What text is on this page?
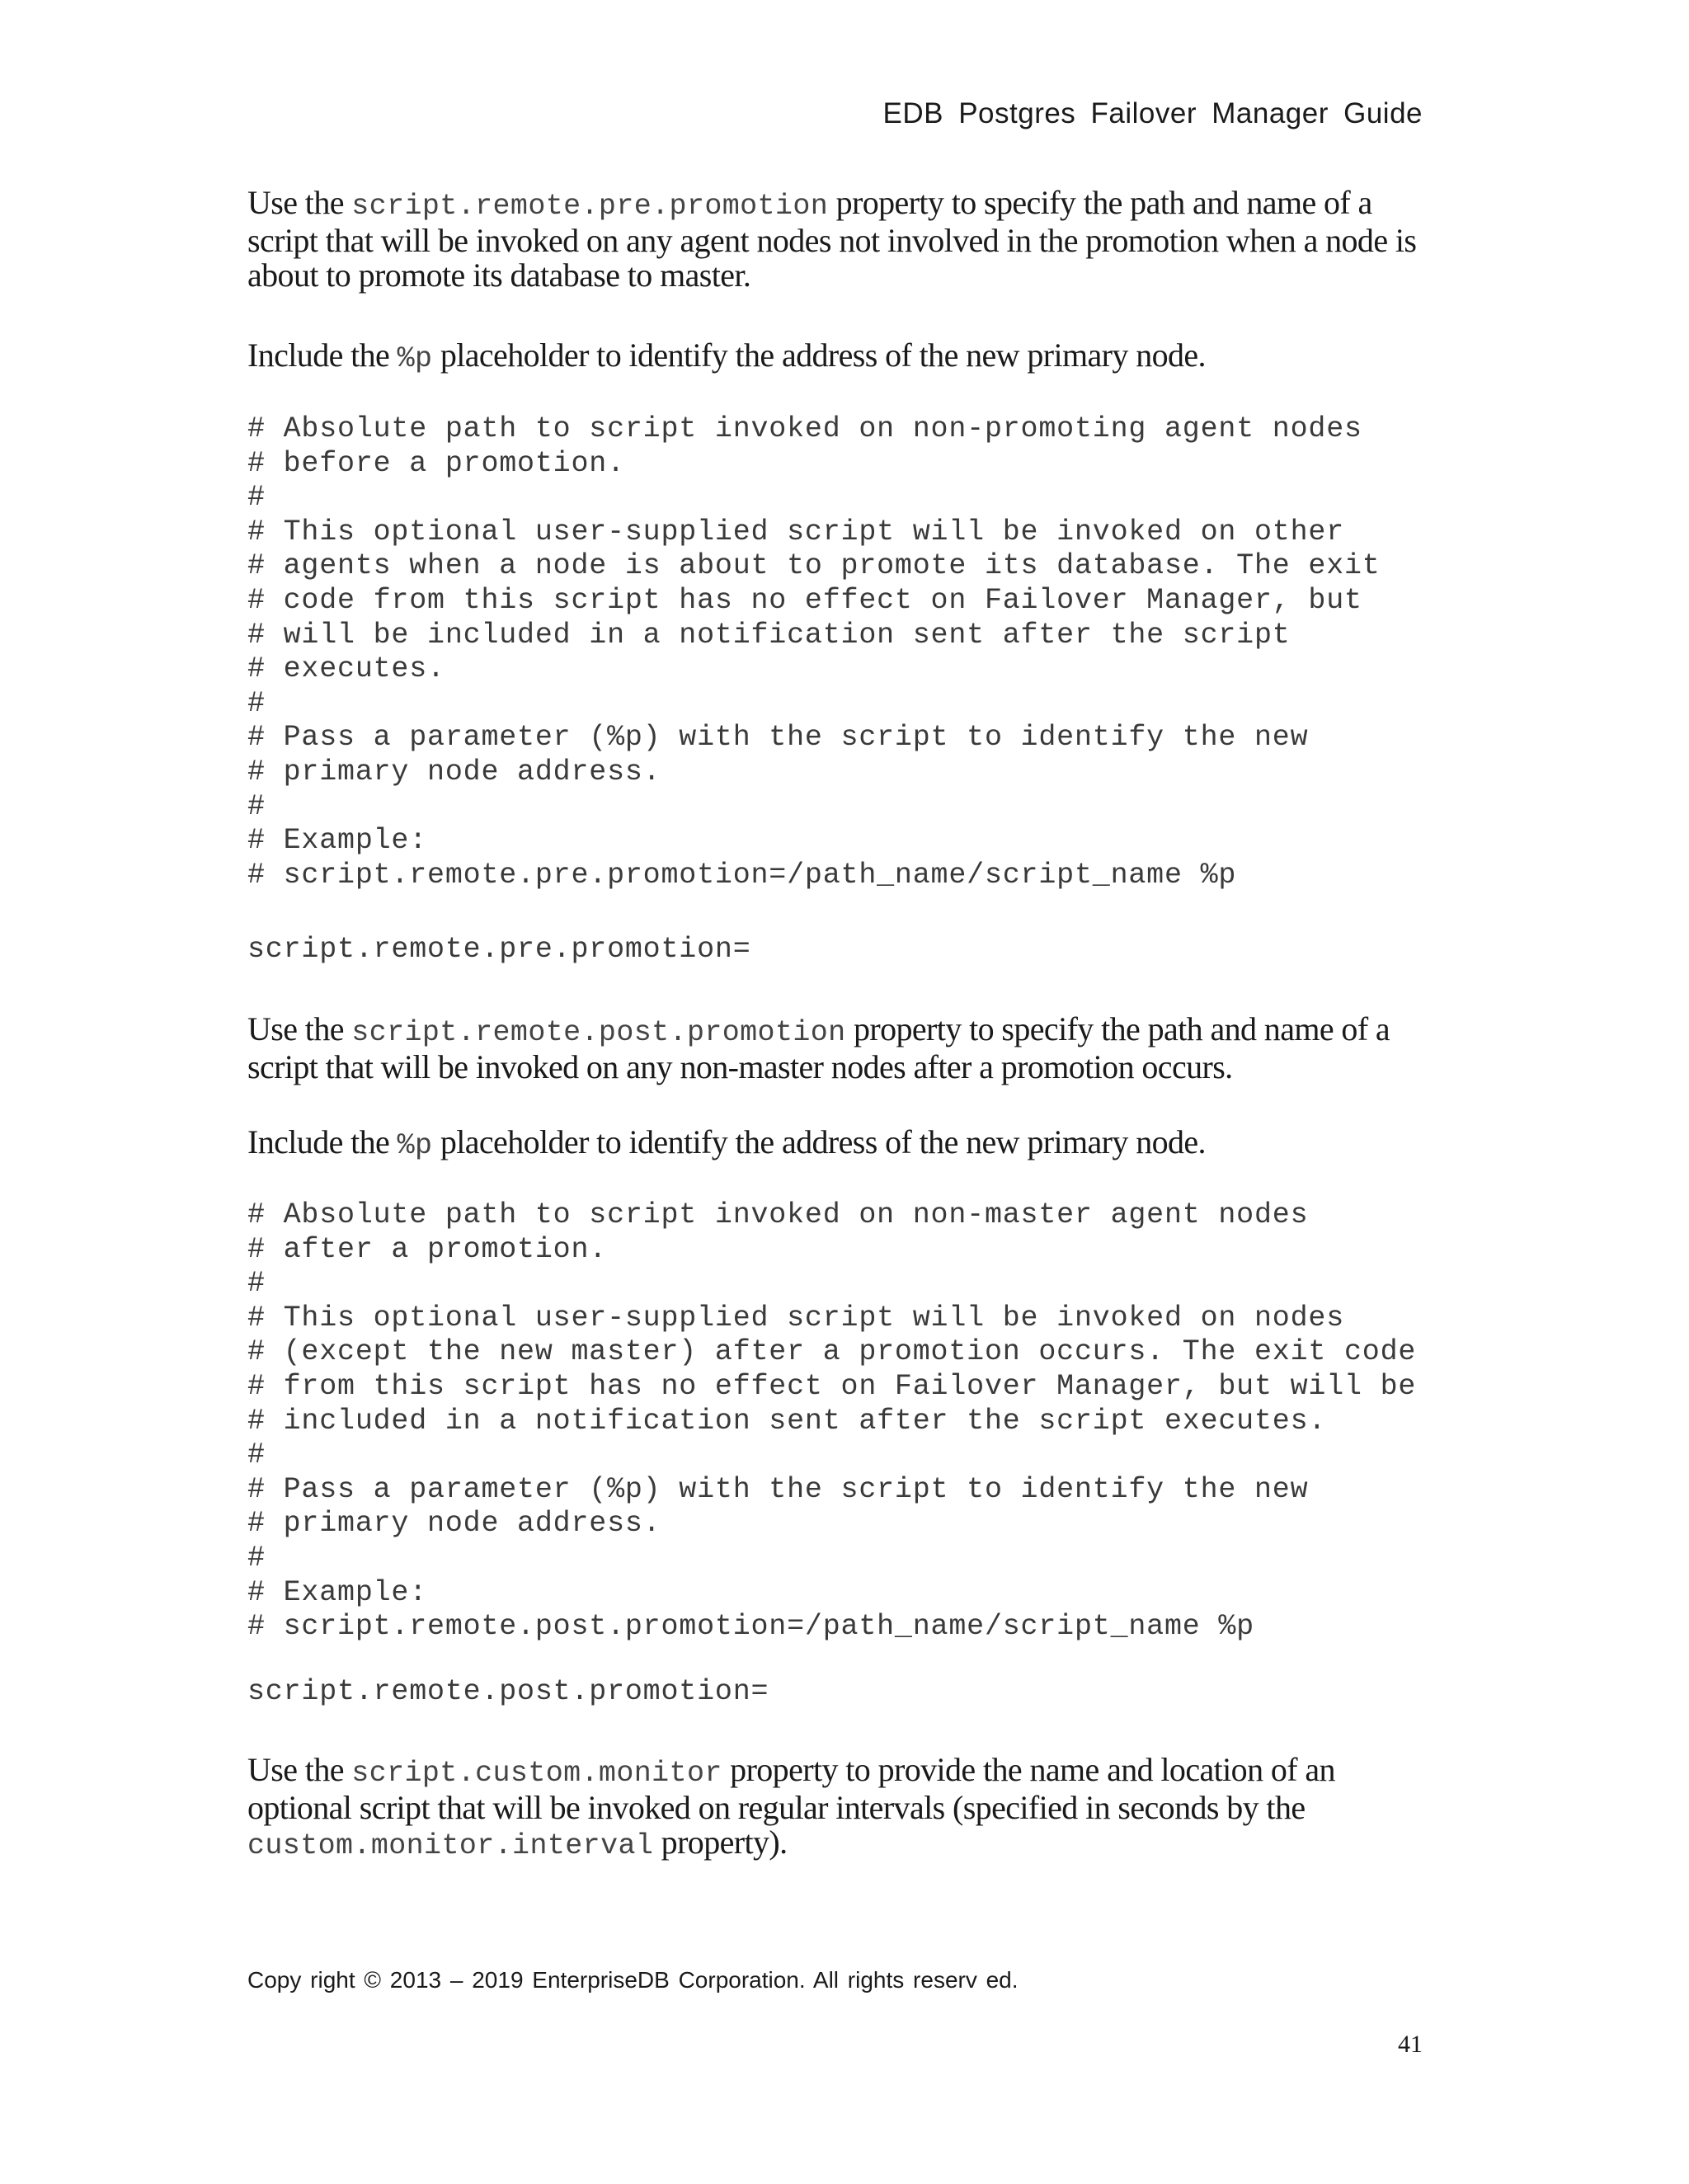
EDB Postgres Failover Manager Guide

Use the script.remote.pre.promotion property to specify the path and name of a script that will be invoked on any agent nodes not involved in the promotion when a node is about to promote its database to master.

Include the %p placeholder to identify the address of the new primary node.

# Absolute path to script invoked on non-promoting agent nodes
# before a promotion.
#
# This optional user-supplied script will be invoked on other
# agents when a node is about to promote its database. The exit
# code from this script has no effect on Failover Manager, but
# will be included in a notification sent after the script
# executes.
#
# Pass a parameter (%p) with the script to identify the new
# primary node address.
#
# Example:
# script.remote.pre.promotion=/path_name/script_name %p
script.remote.pre.promotion=

Use the script.remote.post.promotion property to specify the path and name of a script that will be invoked on any non-master nodes after a promotion occurs.

Include the %p placeholder to identify the address of the new primary node.

# Absolute path to script invoked on non-master agent nodes
# after a promotion.
#
# This optional user-supplied script will be invoked on nodes
# (except the new master) after a promotion occurs. The exit code
# from this script has no effect on Failover Manager, but will be
# included in a notification sent after the script executes.
#
# Pass a parameter (%p) with the script to identify the new
# primary node address.
#
# Example:
# script.remote.post.promotion=/path_name/script_name %p
script.remote.post.promotion=

Use the script.custom.monitor property to provide the name and location of an optional script that will be invoked on regular intervals (specified in seconds by the custom.monitor.interval property).

Copy right © 2013 – 2019 EnterpriseDB Corporation. All rights reserv ed.
41
